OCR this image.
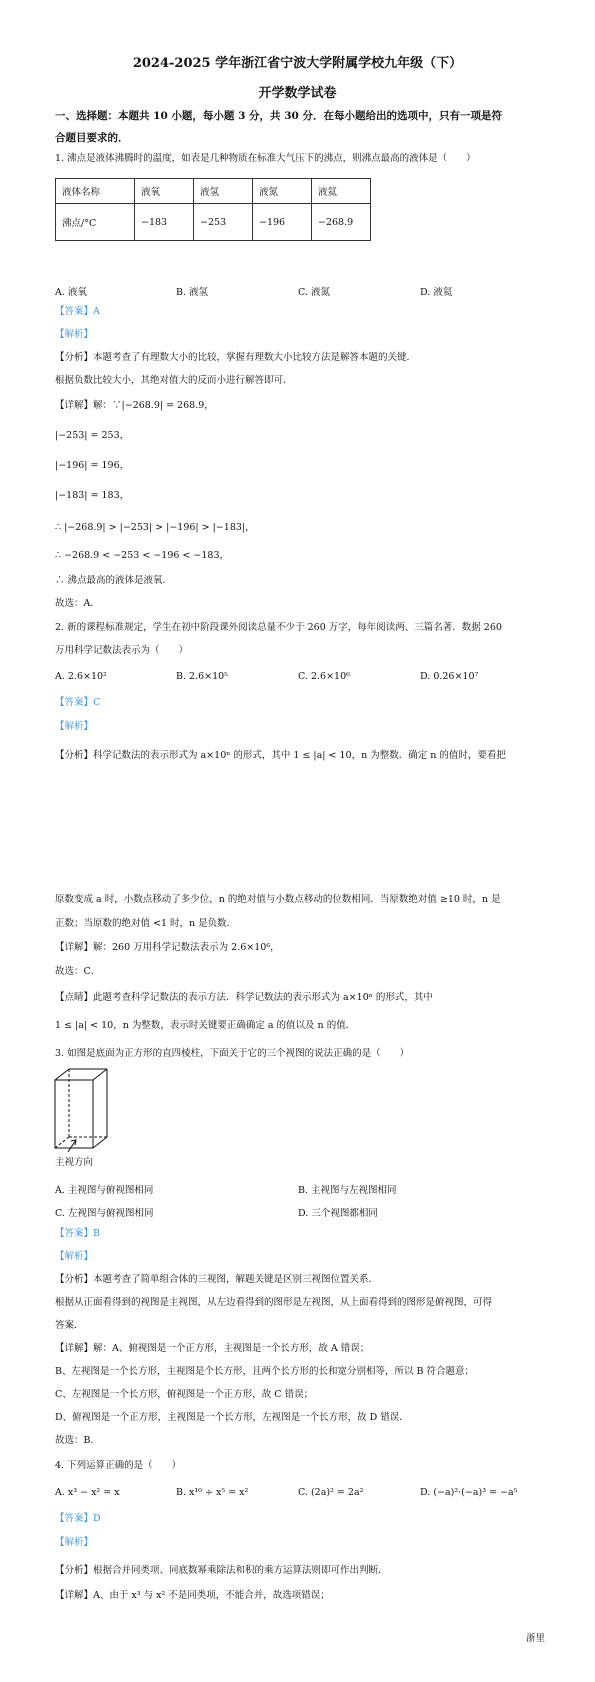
2024-2025 学年浙江省宁波大学附属学校九年级（下）
开学数学试卷
一、选择题：本题共 10 小题，每小题 3 分，共 30 分．在每小题给出的选项中，只有一项是符
合题目要求的．
1. 沸点是液体沸腾时的温度，如表是几种物质在标准大气压下的沸点，则沸点最高的液体是（　　）
液体名称	液氧	液氢	液氮	液氦
沸点/°C	−183	−253	−196	−268.9
A. 液氧	B. 液氢	C. 液氮	D. 液氦
【答案】A
【解析】
【分析】本题考查了有理数大小的比较，掌握有理数大小比较方法是解答本题的关键．
根据负数比较大小，其绝对值大的反而小进行解答即可．
【详解】解：∵|−268.9| = 268.9，
|−253| = 253，
|−196| = 196，
|−183| = 183，
∴ |−268.9| > |−253| > |−196| > |−183|，
∴ −268.9 < −253 < −196 < −183，
∴ 沸点最高的液体是液氧．
故选：A．
2. 新的课程标准规定，学生在初中阶段课外阅读总量不少于 260 万字，每年阅读两、三篇名著．数据 260
万用科学记数法表示为（　　）
A. 2.6×10²	B. 2.6×10⁵	C. 2.6×10⁶	D. 0.26×10⁷
【答案】C
【解析】
【分析】科学记数法的表示形式为 a×10ⁿ 的形式，其中 1 ≤ |a| < 10，n 为整数．确定 n 的值时，要看把
原数变成 a 时，小数点移动了多少位，n 的绝对值与小数点移动的位数相同．当原数绝对值 ≥10 时，n 是
正数；当原数的绝对值 <1 时，n 是负数．
【详解】解：260 万用科学记数法表示为 2.6×10⁶，
故选：C．
【点睛】此题考查科学记数法的表示方法．科学记数法的表示形式为 a×10ⁿ 的形式，其中
1 ≤ |a| < 10，n 为整数，表示时关键要正确确定 a 的值以及 n 的值．
3. 如图是底面为正方形的直四棱柱，下面关于它的三个视图的说法正确的是（　　）
主视方向
A. 主视图与俯视图相同	B. 主视图与左视图相同
C. 左视图与俯视图相同	D. 三个视图都相同
【答案】B
【解析】
【分析】本题考查了简单组合体的三视图，解题关键是区别三视图位置关系．
根据从正面看得到的视图是主视图，从左边看得到的图形是左视图，从上面看得到的图形是俯视图，可得
答案．
【详解】解：A、俯视图是一个正方形，主视图是一个长方形，故 A 错误；
B、左视图是一个长方形，主视图是个长方形，且两个长方形的长和宽分别相等，所以 B 符合题意；
C、左视图是一个长方形，俯视图是一个正方形，故 C 错误；
D、俯视图是一个正方形，主视图是一个长方形，左视图是一个长方形，故 D 错误．
故选：B．
4. 下列运算正确的是（　　）
A. x³ − x² = x	B. x¹⁰ ÷ x⁵ = x²	C. (2a)² = 2a²	D. (−a)²·(−a)³ = −a⁵
【答案】D
【解析】
【分析】根据合并同类项、同底数幂乘除法和积的乘方运算法则即可作出判断．
【详解】A、由于 x³ 与 x² 不是同类项，不能合并，故选项错误；
浙里
